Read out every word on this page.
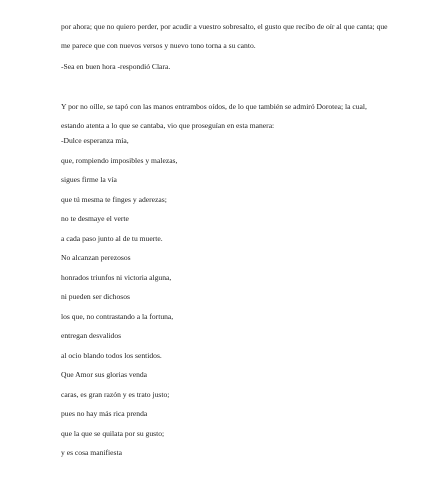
por ahora; que no quiero perder, por acudir a vuestro sobresalto, el gusto que recibo de oír al que canta; que me parece que con nuevos versos y nuevo tono torna a su canto.

-Sea en buen hora -respondió Clara.

Y por no oílle, se tapó con las manos entrambos oídos, de lo que también se admiró Dorotea; la cual, estando atenta a lo que se cantaba, vio que proseguían en esta manera:

-Dulce esperanza mía,

que, rompiendo imposibles y malezas,

sigues firme la vía

que tú mesma te finges y aderezas;

no te desmaye el verte

a cada paso junto al de tu muerte.

No alcanzan perezosos

honrados triunfos ni victoria alguna,

ni pueden ser dichosos

los que, no contrastando a la fortuna,

entregan desvalidos

al ocio blando todos los sentidos.

Que Amor sus glorias venda

caras, es gran razón y es trato justo;

pues no hay más rica prenda

que la que se quilata por su gusto;

y es cosa manifiesta
